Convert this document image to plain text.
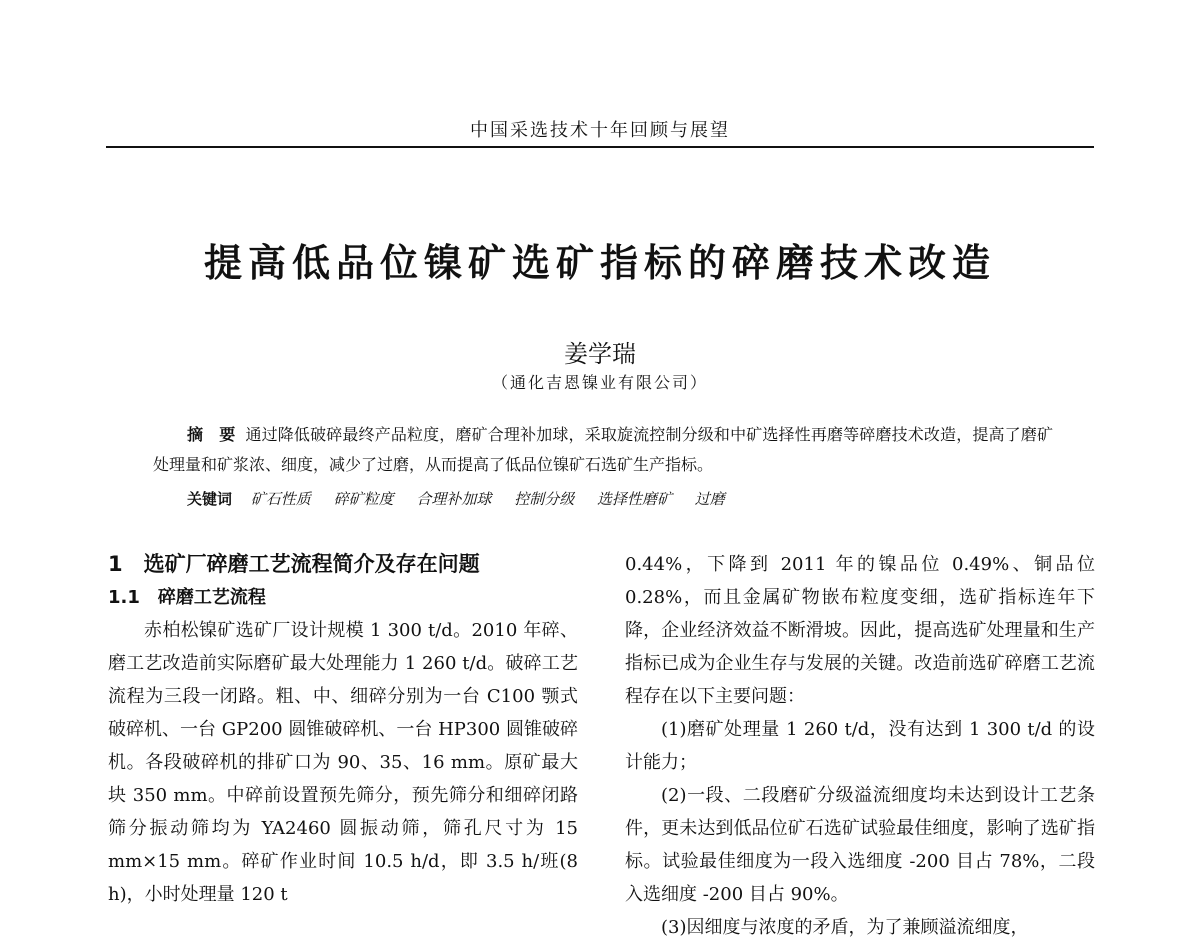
中国采选技术十年回顾与展望
提高低品位镍矿选矿指标的碎磨技术改造
姜学瑞
（通化吉恩镍业有限公司）
摘　要 通过降低破碎最终产品粒度，磨矿合理补加球，采取旋流控制分级和中矿选择性再磨等碎磨技术改造，提高了磨矿处理量和矿浆浓、细度，减少了过磨，从而提高了低品位镍矿石选矿生产指标。
关键词 矿石性质 碎矿粒度 合理补加球 控制分级 选择性磨矿 过磨
1　选矿厂碎磨工艺流程简介及存在问题
1.1　碎磨工艺流程

赤柏松镍矿选矿厂设计规模 1 300 t/d。2010 年碎、磨工艺改造前实际磨矿最大处理能力 1 260 t/d。破碎工艺流程为三段一闭路。粗、中、细碎分别为一台 C100 颚式破碎机、一台 GP200 圆锥破碎机、一台 HP300 圆锥破碎机。各段破碎机的排矿口为 90、35、16 mm。原矿最大块 350 mm。中碎前设置预先筛分，预先筛分和细碎闭路筛分振动筛均为 YA2460 圆振动筛，筛孔尺寸为 15 mm×15 mm。碎矿作业时间 10.5 h/d，即 3.5 h/班(8 h)，小时处理量 120 t

0.44%，下降到 2011 年的镍品位 0.49%、铜品位 0.28%，而且金属矿物嵌布粒度变细，选矿指标连年下降，企业经济效益不断滑坡。因此，提高选矿处理量和生产指标已成为企业生存与发展的关键。改造前选矿碎磨工艺流程存在以下主要问题：

(1)磨矿处理量 1 260 t/d，没有达到 1 300 t/d 的设计能力；

(2)一段、二段磨矿分级溢流细度均未达到设计工艺条件，更未达到低品位矿石选矿试验最佳细度，影响了选矿指标。试验最佳细度为一段入选细度 -200 目占 78%，二段入选细度 -200 目占 90%。

(3)因细度与浓度的矛盾，为了兼顾溢流细度，
